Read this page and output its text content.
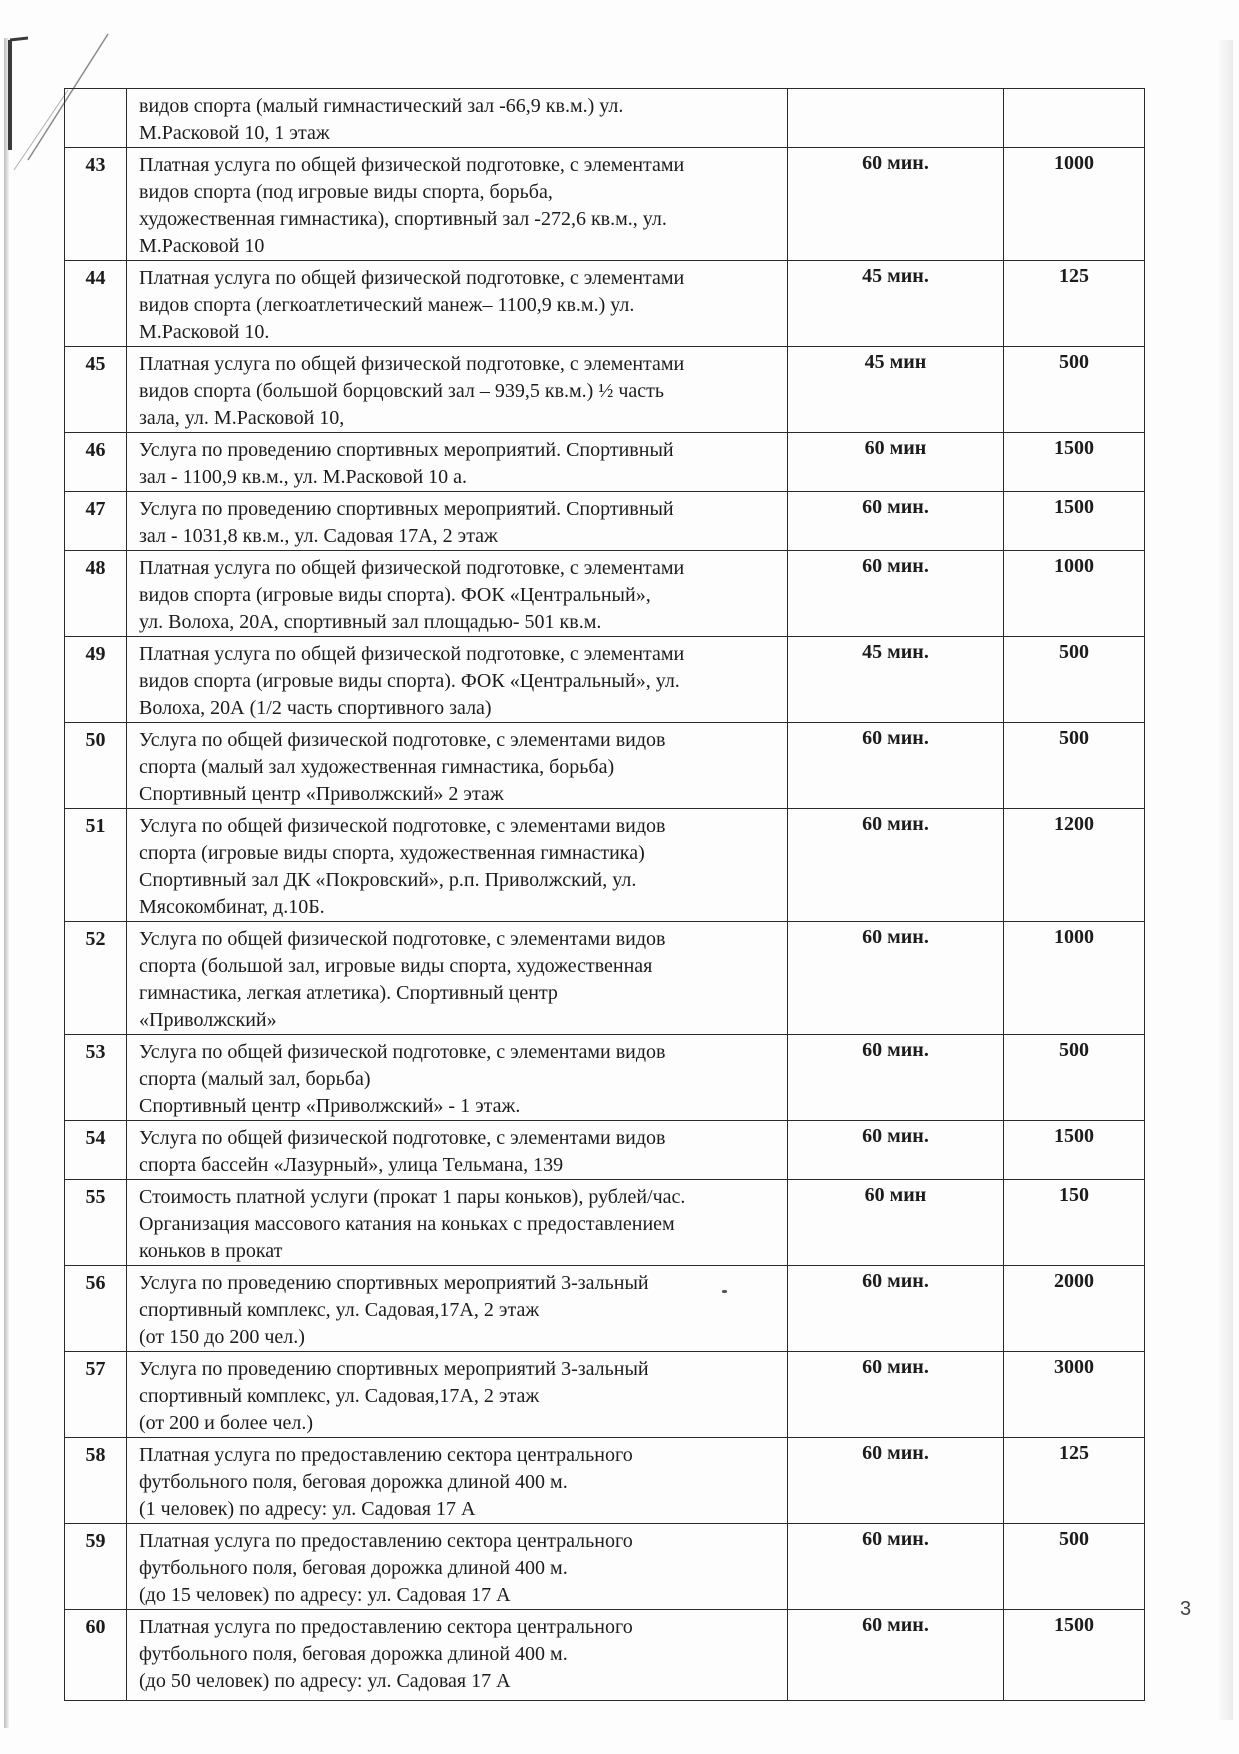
	видов спорта (малый гимнастический зал -66,9 кв.м.) ул.
М.Расковой 10, 1 этаж		

43	Платная услуга по общей физической подготовке, с элементами
видов спорта (под игровые виды спорта, борьба,
художественная гимнастика), спортивный зал -272,6 кв.м., ул.
М.Расковой 10	60 мин.	1000
44	Платная услуга по общей физической подготовке, с элементами
видов спорта (легкоатлетический манеж– 1100,9 кв.м.) ул.
М.Расковой 10.	45 мин.	125
45	Платная услуга по общей физической подготовке, с элементами
видов спорта (большой борцовский зал – 939,5 кв.м.) ½ часть
зала, ул. М.Расковой 10,	45 мин	500
46	Услуга по проведению спортивных мероприятий. Спортивный
зал - 1100,9 кв.м., ул. М.Расковой 10 а.	60 мин	1500
47	Услуга по проведению спортивных мероприятий. Спортивный
зал - 1031,8 кв.м., ул. Садовая 17А, 2 этаж	60 мин.	1500
48	Платная услуга по общей физической подготовке, с элементами
видов спорта (игровые виды спорта). ФОК «Центральный»,
ул. Волоха, 20А, спортивный зал площадью- 501 кв.м.	60 мин.	1000
49	Платная услуга по общей физической подготовке, с элементами
видов спорта (игровые виды спорта). ФОК «Центральный», ул.
Волоха, 20А (1/2 часть спортивного зала)	45 мин.	500
50	Услуга по общей физической подготовке, с элементами видов
спорта (малый зал художественная гимнастика, борьба)
Спортивный центр «Приволжский» 2 этаж	60 мин.	500
51	Услуга по общей физической подготовке, с элементами видов
спорта (игровые виды спорта, художественная гимнастика)
Спортивный зал ДК «Покровский», р.п. Приволжский, ул.
Мясокомбинат, д.10Б.	60 мин.	1200
52	Услуга по общей физической подготовке, с элементами видов
спорта (большой зал, игровые виды спорта, художественная
гимнастика, легкая атлетика). Спортивный центр
«Приволжский»	60 мин.	1000
53	Услуга по общей физической подготовке, с элементами видов
спорта (малый зал, борьба)
Спортивный центр «Приволжский» - 1 этаж.	60 мин.	500
54	Услуга по общей физической подготовке, с элементами видов
спорта бассейн «Лазурный», улица Тельмана, 139	60 мин.	1500
55	Стоимость платной услуги (прокат 1 пары коньков), рублей/час.
Организация массового катания на коньках с предоставлением
коньков в прокат	60 мин	150
56	Услуга по проведению спортивных мероприятий 3-зальный
спортивный комплекс, ул. Садовая,17А, 2 этаж
(от 150 до 200 чел.)	60 мин.	2000
57	Услуга по проведению спортивных мероприятий 3-зальный
спортивный комплекс, ул. Садовая,17А, 2 этаж
(от 200 и более чел.)	60 мин.	3000
58	Платная услуга по предоставлению сектора центрального
футбольного поля, беговая дорожка длиной 400 м.
(1 человек) по адресу: ул. Садовая 17 А	60 мин.	125
59	Платная услуга по предоставлению сектора центрального
футбольного поля, беговая дорожка длиной 400 м.
(до 15 человек) по адресу: ул. Садовая 17 А	60 мин.	500
60	Платная услуга по предоставлению сектора центрального
футбольного поля, беговая дорожка длиной 400 м.
(до 50 человек) по адресу: ул. Садовая 17 А	60 мин.	1500
3
